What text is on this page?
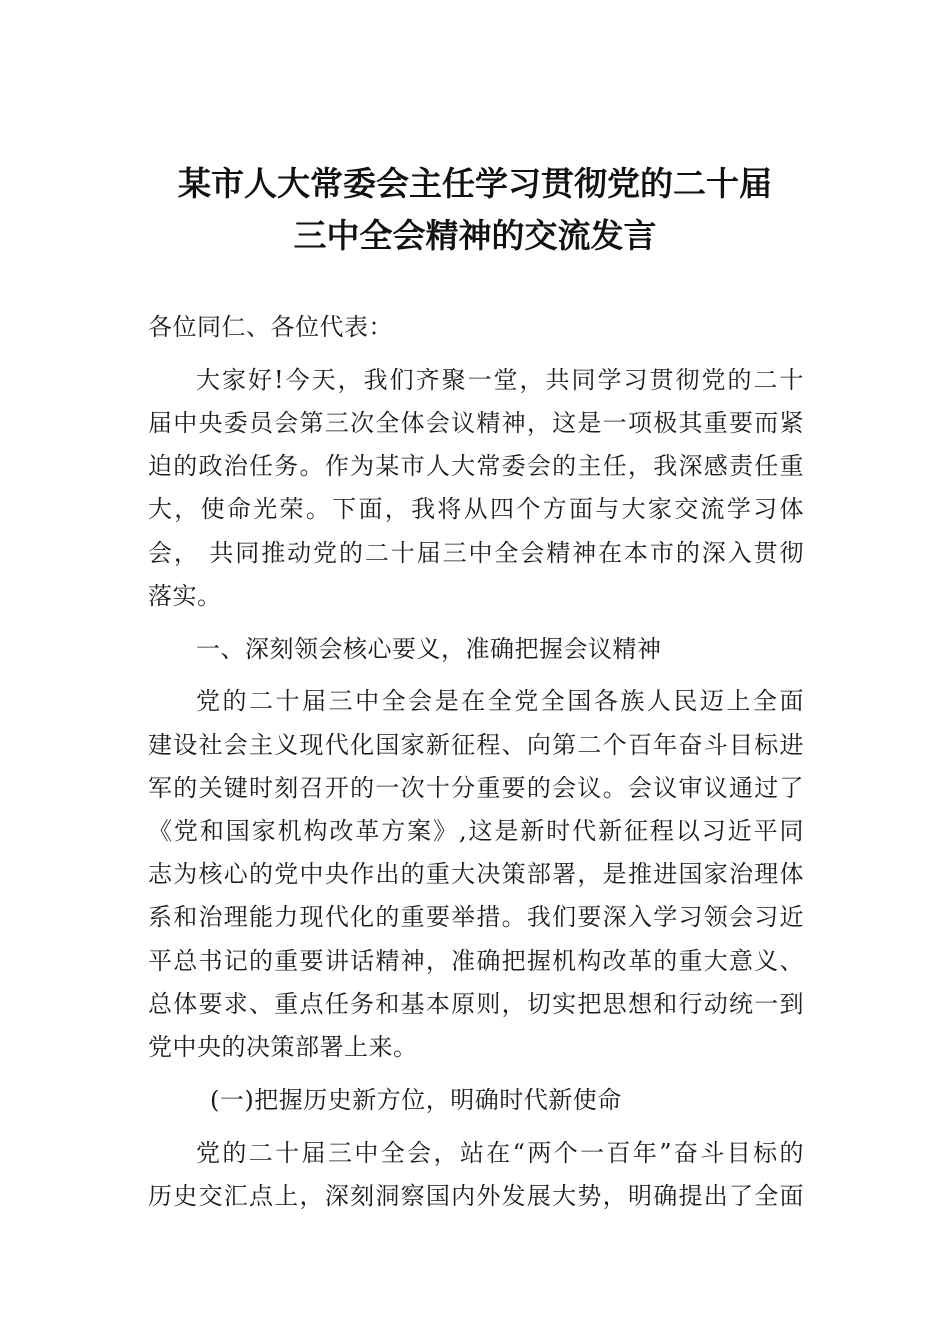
某市人大常委会主任学习贯彻党的二十届
三中全会精神的交流发言
各位同仁、各位代表：
大家好!今天，我们齐聚一堂，共同学习贯彻党的二十
届中央委员会第三次全体会议精神，这是一项极其重要而紧
迫的政治任务。作为某市人大常委会的主任，我深感责任重
大，使命光荣。下面，我将从四个方面与大家交流学习体
会， 共同推动党的二十届三中全会精神在本市的深入贯彻
落实。
一、深刻领会核心要义，准确把握会议精神
党的二十届三中全会是在全党全国各族人民迈上全面
建设社会主义现代化国家新征程、向第二个百年奋斗目标进
军的关键时刻召开的一次十分重要的会议。会议审议通过了
《党和国家机构改革方案》,这是新时代新征程以习近平同
志为核心的党中央作出的重大决策部署，是推进国家治理体
系和治理能力现代化的重要举措。我们要深入学习领会习近
平总书记的重要讲话精神，准确把握机构改革的重大意义、
总体要求、重点任务和基本原则，切实把思想和行动统一到
党中央的决策部署上来。
(一)把握历史新方位，明确时代新使命
党的二十届三中全会，站在“两个一百年”奋斗目标的
历史交汇点上，深刻洞察国内外发展大势，明确提出了全面
